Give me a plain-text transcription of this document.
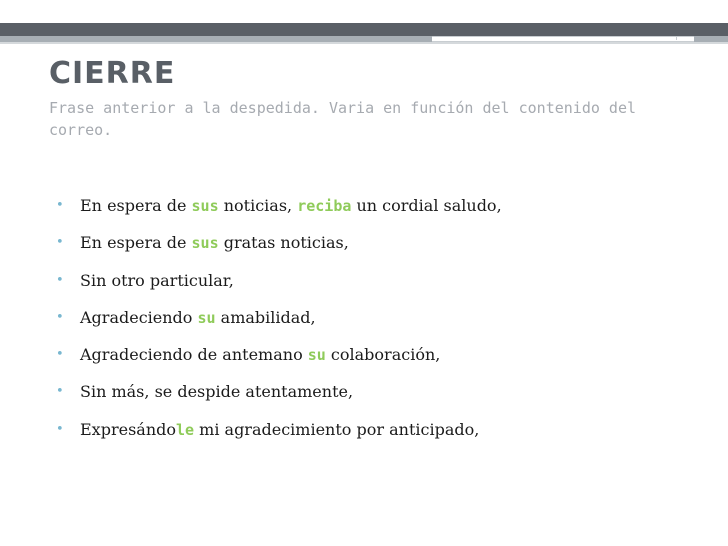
CIERRE

Frase anterior a la despedida. Varia en función del contenido del correo.

• En espera de sus noticias, reciba un cordial saludo,
• En espera de sus gratas noticias,
• Sin otro particular,
• Agradeciendo su amabilidad,
• Agradeciendo de antemano su colaboración,
• Sin más, se despide atentamente,
• Expresándole mi agradecimiento por anticipado,
